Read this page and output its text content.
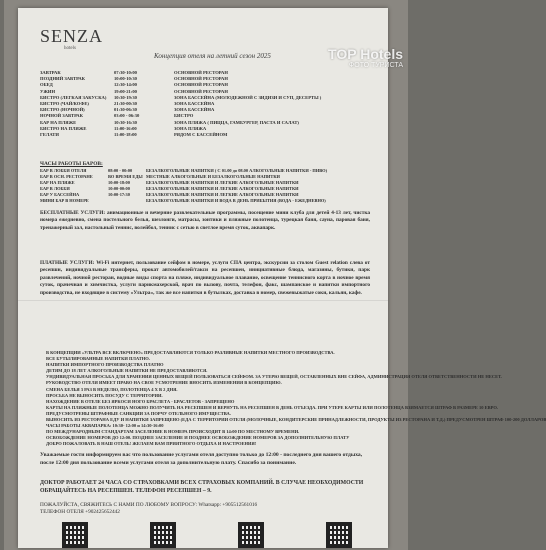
SENZA
hotels
Концепция отеля на летний сезон 2025
ЗАВТРАК	07:30-10:00	ОСНОВНОЙ РЕСТОРАН
ПОЗДНИЙ ЗАВТРАК	10:00-10:30	ОСНОВНОЙ РЕСТОРАН
ОБЕД	12:30-14:00	ОСНОВНОЙ РЕСТОРАН
УЖИН	19:00-21:00	ОСНОВНОЙ РЕСТОРАН
БИСТРО (ЛЕГКАЯ ЗАКУСКА)	10:30-19:30	ЗОНА БАССЕЙНА (МОЛОДЕЖНОЙ С ЗИДИЗИ И СУП, ДЕСЕРТЫ )
БИСТРО (ЧАЙ/КОФЕ)	21:30-00:30	ЗОНА БАССЕЙНА
БИСТРО (НОЧНОЙ)	01:30-06:30	ЗОНА БАССЕЙНА
НОЧНОЙ ЗАВТРАК	03:00 - 06:30	БИСТРО
БАР НА ПЛЯЖЕ	10:30-16:30	ЗОНА ПЛЯЖА ( ПИЦЦА, ГАМБУРГЕР, ПАСТА И САЛАТ)
БИСТРО НА ПЛЯЖЕ	11:00-16:00	ЗОНА ПЛЯЖА
ГЕЛАТИ	11:00-18:00	РЯДОМ С БАССЕЙНОМ
ЧАСЫ РАБОТЫ БАРОВ:
БАР В ЛОББИ ОТЕЛЯ	08:00 - 00:00	БЕЗАЛКОГОЛЬНЫЕ НАПИТКИ ( С 01.00 до 08.00 АЛКОГОЛЬНЫЕ НАПИТКИ - ПИВО)
БАР В ОСН. РЕСТОРАНЕ	ВО ВРЕМЯ ЕДЫ МЕСТНЫЕ АЛКОГОЛЬНЫЕ И БЕЗАЛКОГОЛЬНЫЕ НАПИТКИ
БАР НА ПЛЯЖЕ	10:00-18:00	БЕЗАЛКОГОЛЬНЫЕ НАПИТКИ И ЛЕГКИЕ АЛКОГОЛЬНЫЕ НАПИТКИ
БАР В ЛОББИ	10:00-00:00	БЕЗАЛКОГОЛЬНЫЕ НАПИТКИ И ЛЕГКИЕ АЛКОГОЛЬНЫЕ НАПИТКИ
БАР У БАССЕЙНА	10:00-17:30	БЕЗАЛКОГОЛЬНЫЕ НАПИТКИ И ЛЕГКИЕ АЛКОГОЛЬНЫЕ НАПИТКИ
МИНИ БАР В НОМЕРЕ	БЕЗАЛКОГОЛЬНЫЕ НАПИТКИ И ВОДА В ДЕНЬ ПРИБЫТИЯ (ВОДА - ЕЖЕДНЕВНО)
БЕСПЛАТНЫЕ УСЛУГИ: анимационные и вечерние развлекательные программы, посещение мини клуба для детей 4-13 лет, чистка номера ежедневно, смена постельного белья, шезлонги, матрасы, зонтики и пляжные полотенца, турецкая баня, сауна, паровая баня, тренажерный зал, настольный теннис, волейбол, теннис с сетью в светлое время суток, аквапарк.
ПЛАТНЫЕ УСЛУГИ: Wi-Fi интернет, пользование сейфом в номере, услуги СПА центра, экскурсии за столом Guest relation слева от ресепшн, индивидуальные трансферы, прокат автомобилей/такси на ресепшен, инициативные блюда, магазины, бутики, парк развлечений, ночной ресторан, водные виды спорта на пляже, индивидуальное плавание, освещение теннисного корта в ночное время суток, прачечная и химчистка, услуги парикмахерской, врач по вызову, почта, телефон, факс, шампанское и напитки импортного производства, не входящие в систему «Ультра», так же все напитки в бутылках, доставка в номер, свежевыжатые соки, кальян, кафе.
В КОНЦЕПЦИИ «УЛЬТРА ВСЕ ВКЛЮЧЕНО» ПРЕДОСТАВЛЯЮТСЯ ТОЛЬКО РАЗЛИВНЫЕ НАПИТКИ МЕСТНОГО ПРОИЗВОДСТВА.
ВСЕ БУТЫЛИРОВАННЫЕ НАПИТКИ ПЛАТНО.
НАПИТКИ ИМПОРТНОГО ПРОИЗВОДСТВА ПЛАТНО
ДЕТЯМ ДО 18 ЛЕТ АЛКОГОЛЬНЫЕ НАПИТКИ НЕ ПРЕДОСТАВЛЯЮТСЯ.
УНДИВИДУАЛЬНАЯ ПРОСЬБА ДЛЯ ХРАНЕНИЯ ЦЕННЫХ ВЕЩЕЙ ПОЛЬЗОВАТЬСЯ СЕЙФОМ. ЗА УТЕРЮ ВЕЩЕЙ, ОСТАВЛЕННЫХ ВНЕ СЕЙФА, АДМИНИСТРАЦИЯ ОТЕЛЯ ОТВЕТСТВЕННОСТИ НЕ НЕСЕТ.
РУКОВОДСТВО ОТЕЛЯ ИМЕЕТ ПРАВО НА СВОЕ УСМОТРЕНИЕ ВНОСИТЬ ИЗМЕНЕНИЯ В КОНЦЕПЦИЮ.
СМЕНА БЕЛЬЯ 3 РАЗ В НЕДЕЛЮ, ПОЛОТЕНЦА 4 Х В 2 ДНЯ.
ПРОСЬБА НЕ ВЫНОСИТЬ ПОСУДУ С ТЕРРИТОРИИ.
НАХОЖДЕНИЕ В ОТЕЛЕ БЕЗ ЯРКОСИ НОГО БРАСЛЕТА - БРАСЛЕТОВ - ЗАПРЕЩЕНО
КАРТЫ НА ПЛЯЖНЫЕ ПОЛОТЕНЦА МОЖНО ПОЛУЧИТЬ НА РЕСЕПШЕН И ВЕРНУТЬ НА РЕСЕПШЕН В ДЕНЬ ОТЪЕЗДА. ПРИ УТЕРЕ КАРТЫ ИЛИ ПОЛОТЕНЦА ВЗИМАЕТСЯ ШТРАФ В РАЗМЕРЕ 10 ЕВРО.
ПРЕДУСМОТРЕНЫ ШТРАФНЫЕ САНКЦИИ ЗА ПОРЧУ ОТЕЛЬНОГО ИМУЩЕСТВА.
ВЫНОСИТЬ ИЗ РЕСТОРАНА ЕДУ И НАПИТКИ ЗАПРЕЩЕНО (ЕДА С ТЕРРИТОРИИ ОТЕЛЯ (МОЛОЧНЫЕ, КОНДИТЕРСКИЕ ПРИНАДЛЕЖНОСТИ, ПРОДУКТЫ ИЗ РЕСТОРАНА И Т.Д.) ПРЕДУСМОТРЕН ШТРАФ 100-200 ДОЛЛАРОВ
ЧАСЫ РАБОТЫ АКВАПАРКА: 10:30- 12:00 и 14:30-16:00
ПО МЕЖДУНАРОДНЫМ СТАНДАРТАМ ЗАСЕЛЕНИЕ В НОМЕРА ПРОИСХОДИТ В 14:00 ПО МЕСТНОМУ ВРЕМЕНИ.
ОСВОБОЖДЕНИЕ НОМЕРОВ ДО 12:00. ПОЗДНЕЕ ЗАСЕЛЕНИЕ И ПОЗДНЕЕ ОСВОБОЖДЕНИЕ НОМЕРОВ ЗА ДОПОЛНИТЕЛЬНУЮ ПЛАТУ
ДОБРО ПОЖАЛОВАТЬ В НАШ ОТЕЛЬ! ЖЕЛАЕМ ВАМ ПРИЯТНОГО ОТДЫХА И НАСТРОЕНИЯ!
Уважаемые гости информируем вас что пользование услугами отеля доступно только до 12:00 - последнего дня вашего отдыха, после 12:00 дня пользование всеми услугами отеля за дополнительную плату. Спасибо за понимание.
ДОКТОР РАБОТАЕТ 24 ЧАСА СО СТРАХОВКАМИ ВСЕХ СТРАХОВЫХ КОМПАНИЙ. В СЛУЧАЕ НЕОБХОДИМОСТИ ОБРАЩАЙТЕСЬ НА РЕСЕПШЕН. ТЕЛЕФОН РЕСЕПШЕН – 9.
ПОЖАЛУЙСТА, СВЯЖИТЕСЬ С НАМИ ПО ЛЮБОМУ ВОПРОСУ: Whatsapp: +905512561016
ТЕЛЕФОН ОТЕЛЯ +902425652442
TOP Hotels
ФОТО ТУРИСТА
